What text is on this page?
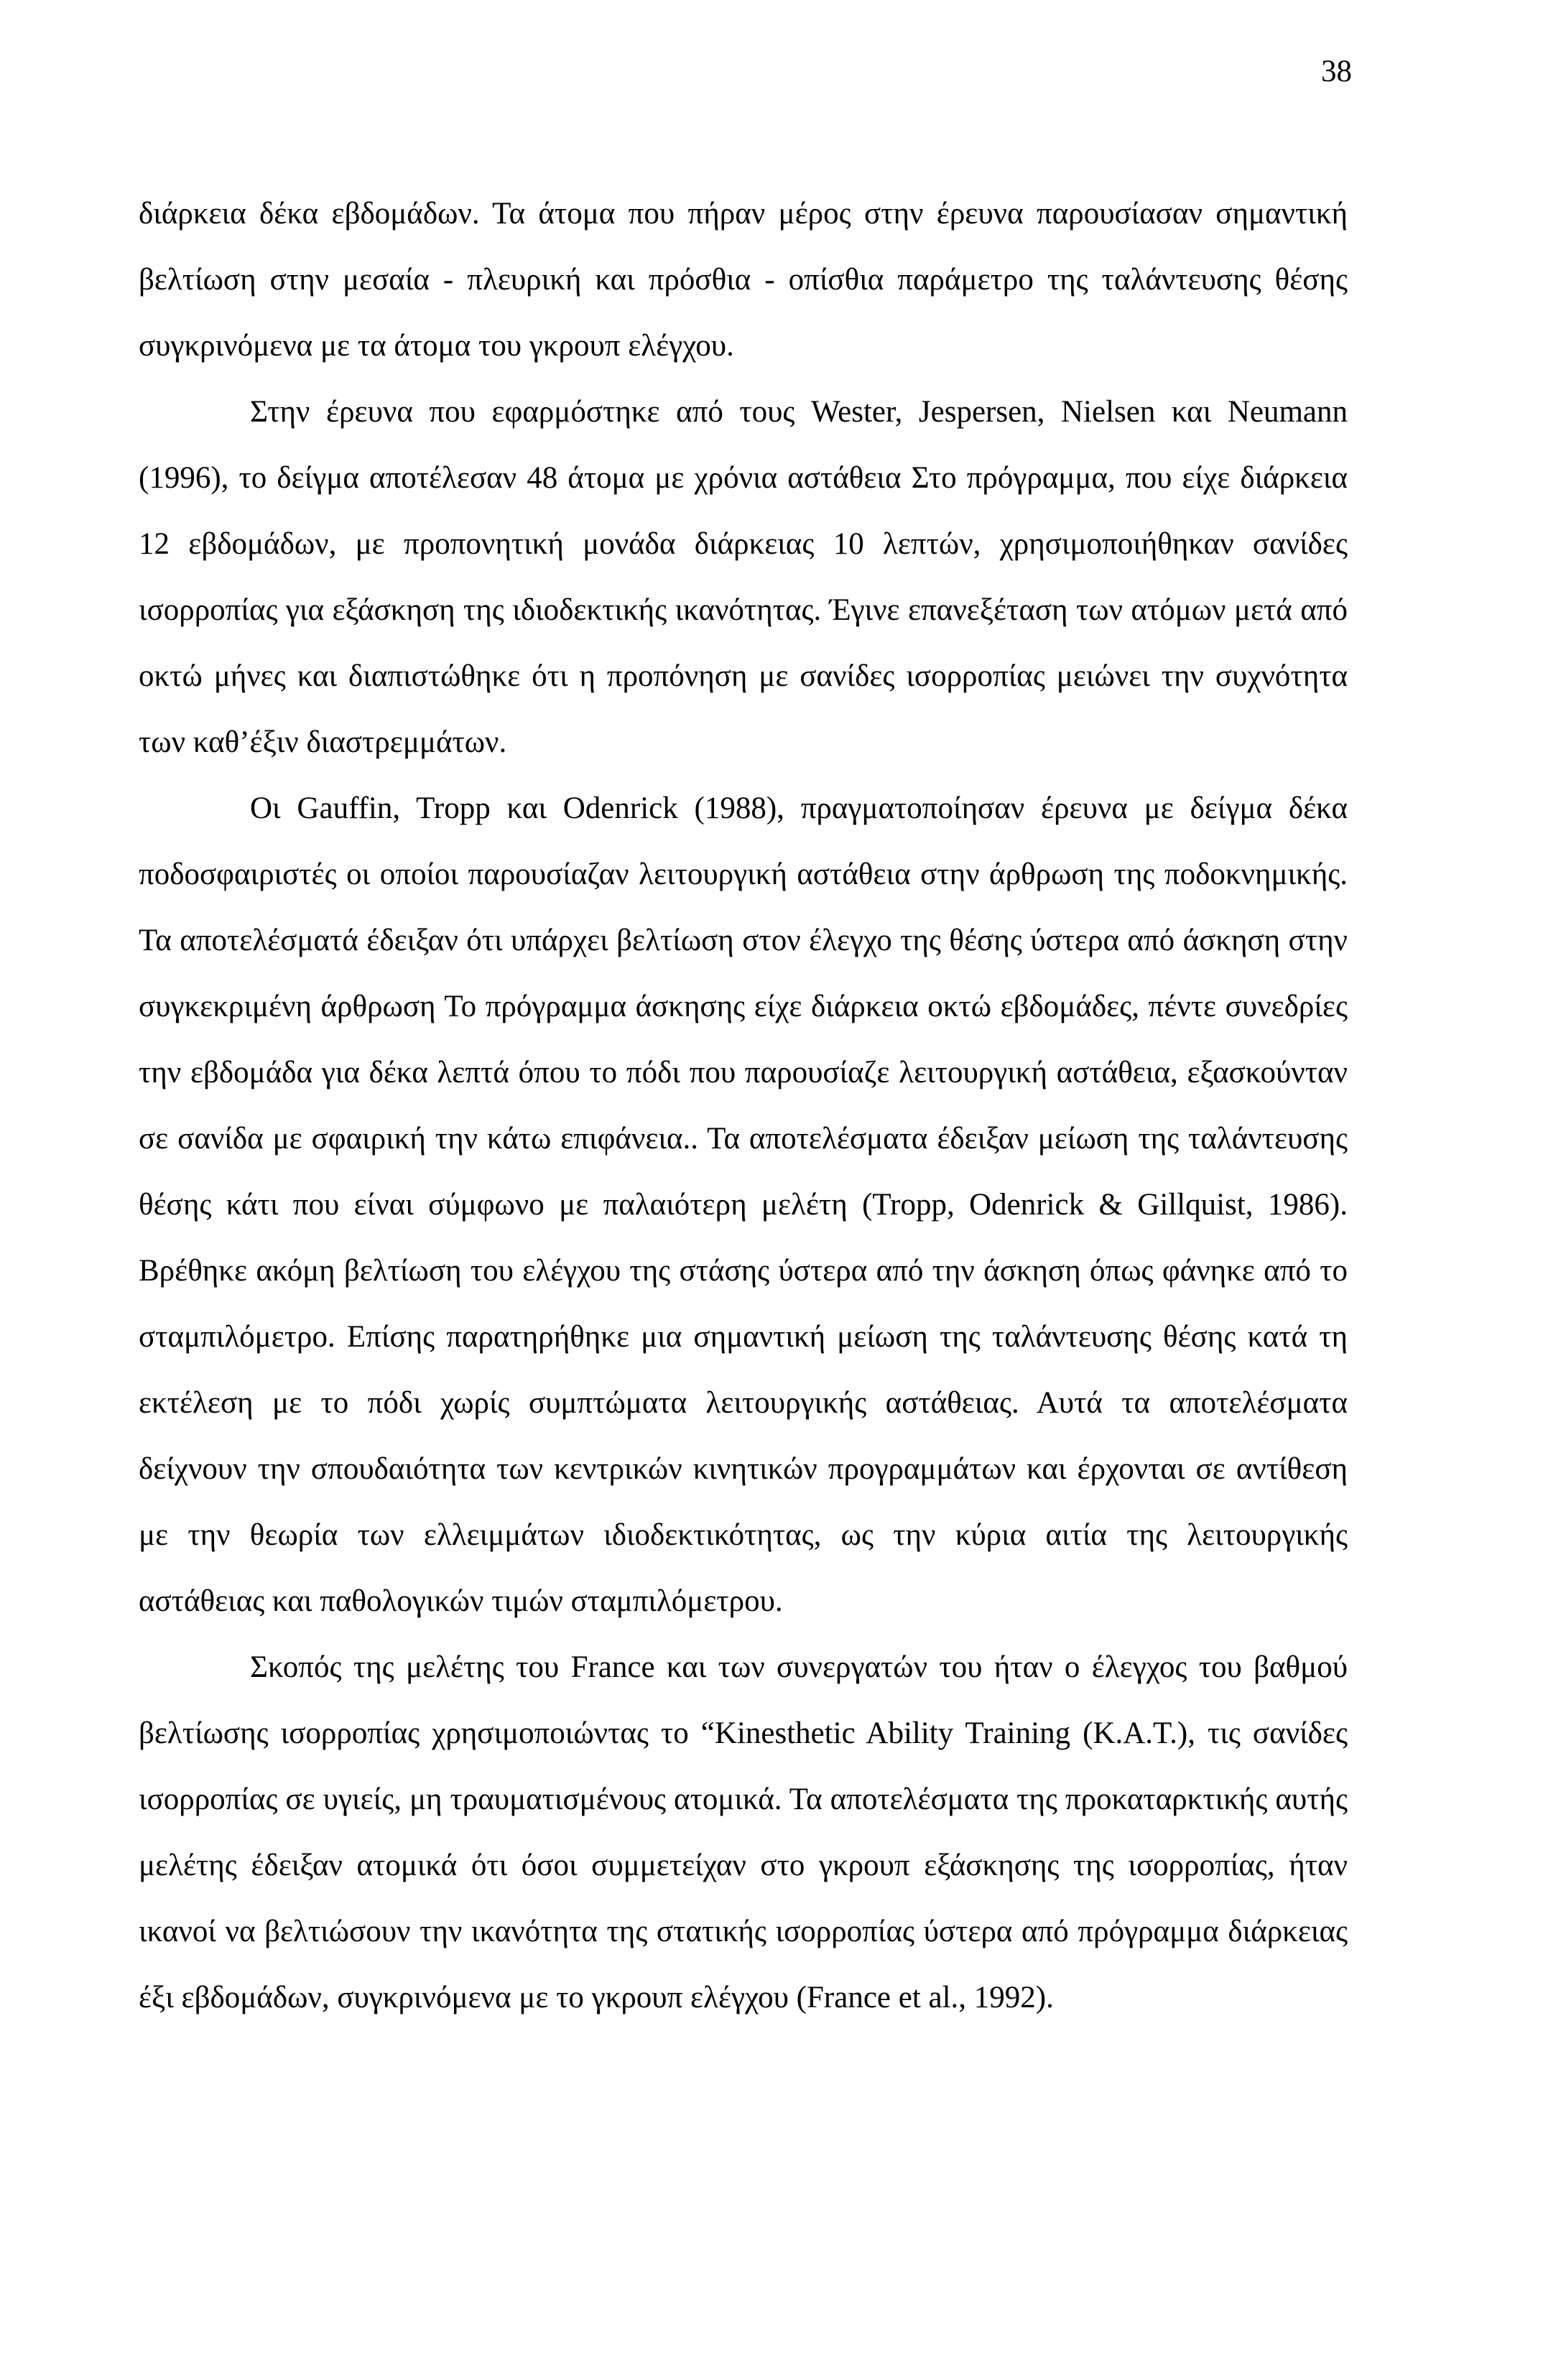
38

διάρκεια δέκα εβδομάδων. Τα άτομα που πήραν μέρος στην έρευνα παρουσίασαν σημαντική βελτίωση στην μεσαία - πλευρική και πρόσθια - οπίσθια παράμετρο της ταλάντευσης θέσης συγκρινόμενα με τα άτομα του γκρουπ ελέγχου.

Στην έρευνα που εφαρμόστηκε από τους Wester, Jespersen, Nielsen και Neumann (1996), το δείγμα αποτέλεσαν 48 άτομα με χρόνια αστάθεια Στο πρόγραμμα, που είχε διάρκεια 12 εβδομάδων, με προπονητική μονάδα διάρκειας 10 λεπτών, χρησιμοποιήθηκαν σανίδες ισορροπίας για εξάσκηση της ιδιοδεκτικής ικανότητας. Έγινε επανεξέταση των ατόμων μετά από οκτώ μήνες και διαπιστώθηκε ότι η προπόνηση με σανίδες ισορροπίας μειώνει την συχνότητα των καθ’έξιν διαστρεμμάτων.

Οι Gauffin, Tropp και Odenrick (1988), πραγματοποίησαν έρευνα με δείγμα δέκα ποδοσφαιριστές οι οποίοι παρουσίαζαν λειτουργική αστάθεια στην άρθρωση της ποδοκνημικής. Τα αποτελέσματά έδειξαν ότι υπάρχει βελτίωση στον έλεγχο της θέσης ύστερα από άσκηση στην συγκεκριμένη άρθρωση Το πρόγραμμα άσκησης είχε διάρκεια οκτώ εβδομάδες, πέντε συνεδρίες την εβδομάδα για δέκα λεπτά όπου το πόδι που παρουσίαζε λειτουργική αστάθεια, εξασκούνταν σε σανίδα με σφαιρική την κάτω επιφάνεια.. Τα αποτελέσματα έδειξαν μείωση της ταλάντευσης θέσης κάτι που είναι σύμφωνο με παλαιότερη μελέτη (Tropp, Odenrick & Gillquist, 1986). Βρέθηκε ακόμη βελτίωση του ελέγχου της στάσης ύστερα από την άσκηση όπως φάνηκε από το σταμπιλόμετρο. Επίσης παρατηρήθηκε μια σημαντική μείωση της ταλάντευσης θέσης κατά τη εκτέλεση με το πόδι χωρίς συμπτώματα λειτουργικής αστάθειας. Αυτά τα αποτελέσματα δείχνουν την σπουδαιότητα των κεντρικών κινητικών προγραμμάτων και έρχονται σε αντίθεση με την θεωρία των ελλειμμάτων ιδιοδεκτικότητας, ως την κύρια αιτία της λειτουργικής αστάθειας και παθολογικών τιμών σταμπιλόμετρου.

Σκοπός της μελέτης του France και των συνεργατών του ήταν ο έλεγχος του βαθμού βελτίωσης ισορροπίας χρησιμοποιώντας το “Kinesthetic Ability Training (K.A.T.), τις σανίδες ισορροπίας σε υγιείς, μη τραυματισμένους ατομικά. Τα αποτελέσματα της προκαταρκτικής αυτής μελέτης έδειξαν ατομικά ότι όσοι συμμετείχαν στο γκρουπ εξάσκησης της ισορροπίας, ήταν ικανοί να βελτιώσουν την ικανότητα της στατικής ισορροπίας ύστερα από πρόγραμμα διάρκειας έξι εβδομάδων, συγκρινόμενα με το γκρουπ ελέγχου (France et al., 1992).
